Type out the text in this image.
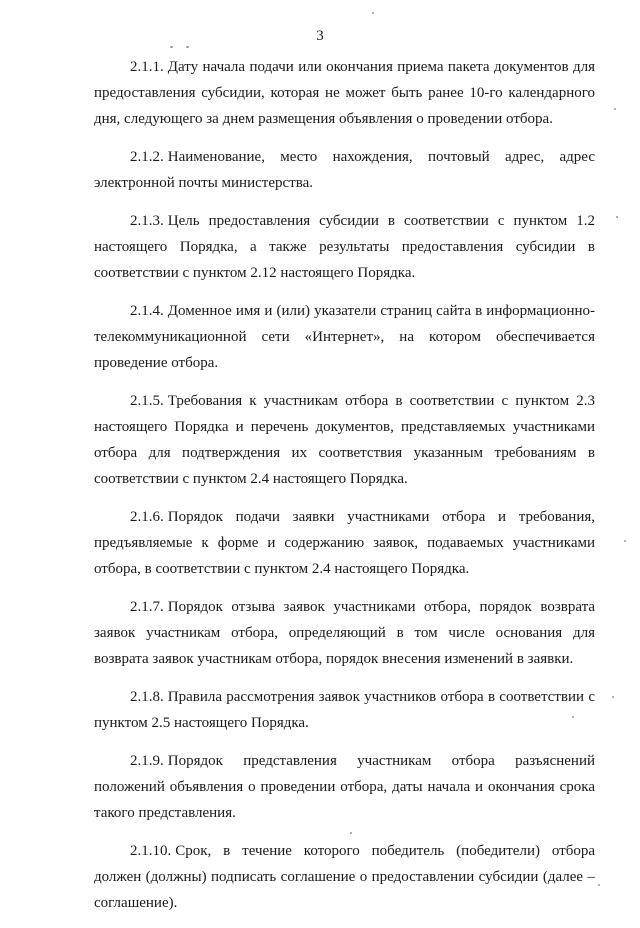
3

2.1.1. Дату начала подачи или окончания приема пакета документов для предоставления субсидии, которая не может быть ранее 10-го календарного дня, следующего за днем размещения объявления о проведении отбора.

2.1.2. Наименование, место нахождения, почтовый адрес, адрес электронной почты министерства.

2.1.3. Цель предоставления субсидии в соответствии с пунктом 1.2 настоящего Порядка, а также результаты предоставления субсидии в соответствии с пунктом 2.12 настоящего Порядка.

2.1.4. Доменное имя и (или) указатели страниц сайта в информационно-телекоммуникационной сети «Интернет», на котором обеспечивается проведение отбора.

2.1.5. Требования к участникам отбора в соответствии с пунктом 2.3 настоящего Порядка и перечень документов, представляемых участниками отбора для подтверждения их соответствия указанным требованиям в соответствии с пунктом 2.4 настоящего Порядка.

2.1.6. Порядок подачи заявки участниками отбора и требования, предъявляемые к форме и содержанию заявок, подаваемых участниками отбора, в соответствии с пунктом 2.4 настоящего Порядка.

2.1.7. Порядок отзыва заявок участниками отбора, порядок возврата заявок участникам отбора, определяющий в том числе основания для возврата заявок участникам отбора, порядок внесения изменений в заявки.

2.1.8. Правила рассмотрения заявок участников отбора в соответствии с пунктом 2.5 настоящего Порядка.

2.1.9. Порядок представления участникам отбора разъяснений положений объявления о проведении отбора, даты начала и окончания срока такого представления.

2.1.10. Срок, в течение которого победитель (победители) отбора должен (должны) подписать соглашение о предоставлении субсидии (далее – соглашение).
